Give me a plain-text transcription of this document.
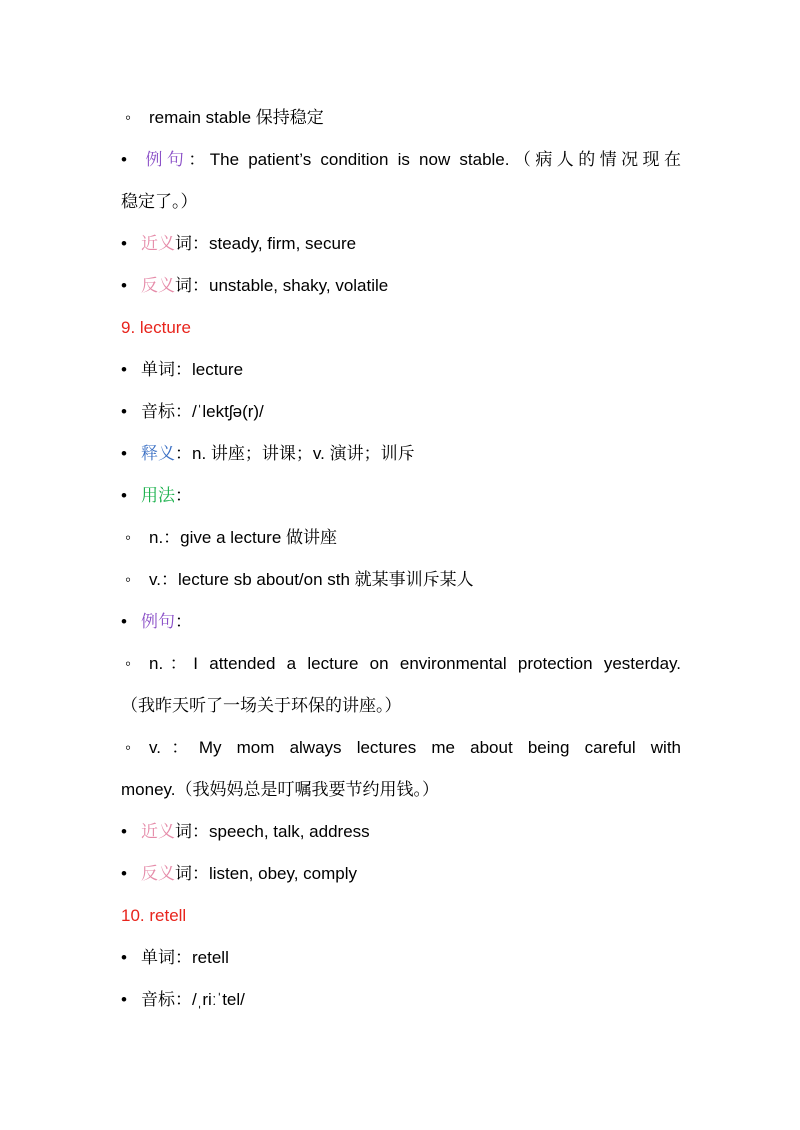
◦ remain stable 保持稳定
• 例句：The patient’s condition is now stable.（病人的情况现在
稳定了。）
• 近义词：steady, firm, secure
• 反义词：unstable, shaky, volatile
9. lecture
• 单词：lecture
• 音标：/ˈlektʃə(r)/
• 释义：n. 讲座；讲课；v. 演讲；训斥
• 用法：
◦ n.：give a lecture 做讲座
◦ v.：lecture sb about/on sth 就某事训斥某人
• 例句：
◦ n.：I attended a lecture on environmental protection yesterday.
（我昨天听了一场关于环保的讲座。）
◦ v.：My mom always lectures me about being careful with
money.（我妈妈总是叮嘱我要节约用钱。）
• 近义词：speech, talk, address
• 反义词：listen, obey, comply
10. retell
• 单词：retell
• 音标：/ˌriːˈtel/
